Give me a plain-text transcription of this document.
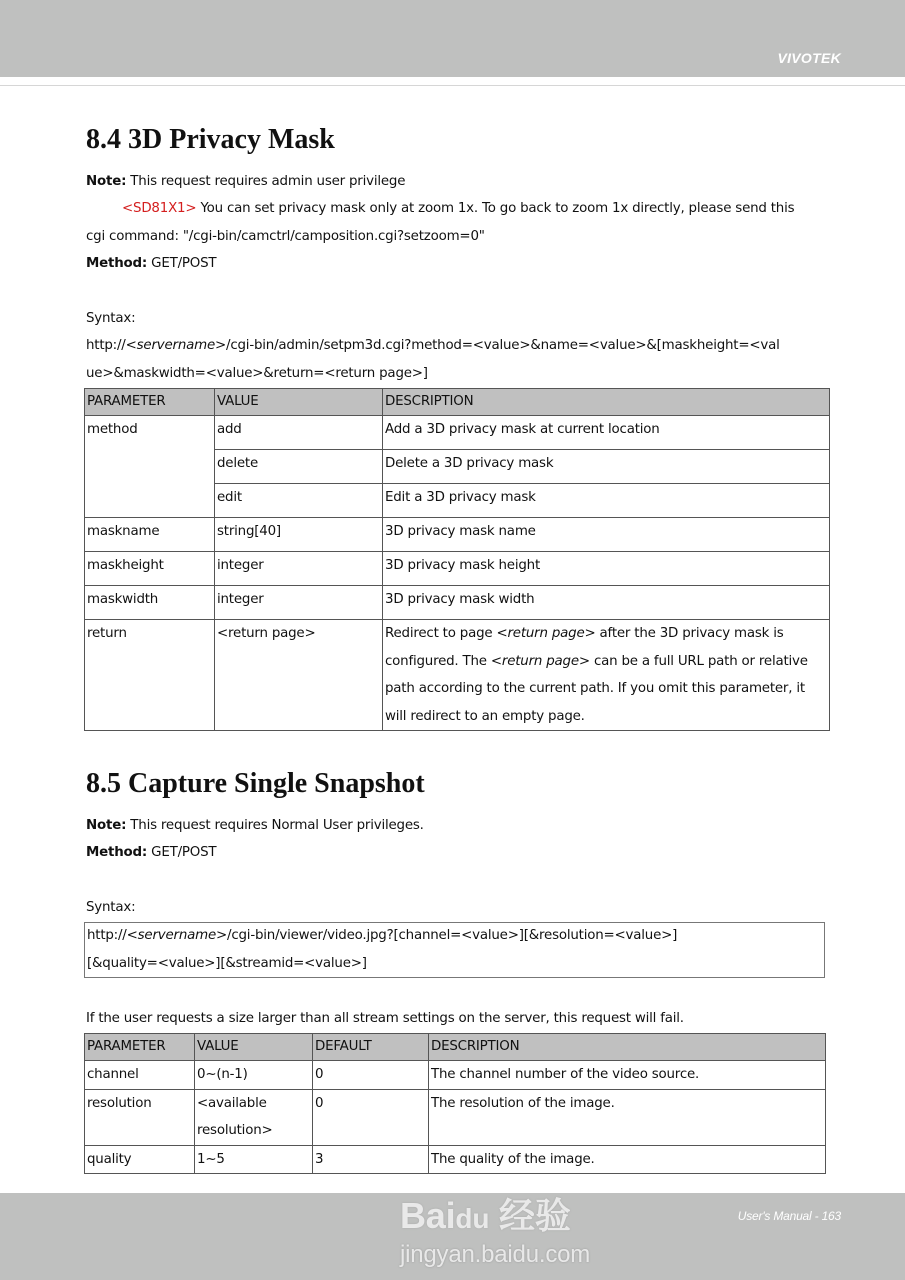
VIVOTEK
8.4 3D Privacy Mask
Note: This request requires admin user privilege
<SD81X1> You can set privacy mask only at zoom 1x. To go back to zoom 1x directly, please send this
cgi command: "/cgi-bin/camctrl/camposition.cgi?setzoom=0"
Method: GET/POST
Syntax:
http://<servername>/cgi-bin/admin/setpm3d.cgi?method=<value>&name=<value>&[maskheight=<val
ue>&maskwidth=<value>&return=<return page>]
PARAMETER	VALUE	DESCRIPTION
method	add	Add a 3D privacy mask at current location
	delete	Delete a 3D privacy mask
	edit	Edit a 3D privacy mask
maskname	string[40]	3D privacy mask name
maskheight	integer	3D privacy mask height
maskwidth	integer	3D privacy mask width
return	<return page>	Redirect to page <return page> after the 3D privacy mask is
configured. The <return page> can be a full URL path or relative
path according to the current path. If you omit this parameter, it
will redirect to an empty page.
8.5 Capture Single Snapshot
Note: This request requires Normal User privileges.
Method: GET/POST
Syntax:
http://<servername>/cgi-bin/viewer/video.jpg?[channel=<value>][&resolution=<value>]
[&quality=<value>][&streamid=<value>]
If the user requests a size larger than all stream settings on the server, this request will fail.
PARAMETER	VALUE	DEFAULT	DESCRIPTION
channel	0~(n-1)	0	The channel number of the video source.
resolution	<available resolution>	0	The resolution of the image.
quality	1~5	3	The quality of the image.
User's Manual - 163
Baidu 经验
jingyan.baidu.com
